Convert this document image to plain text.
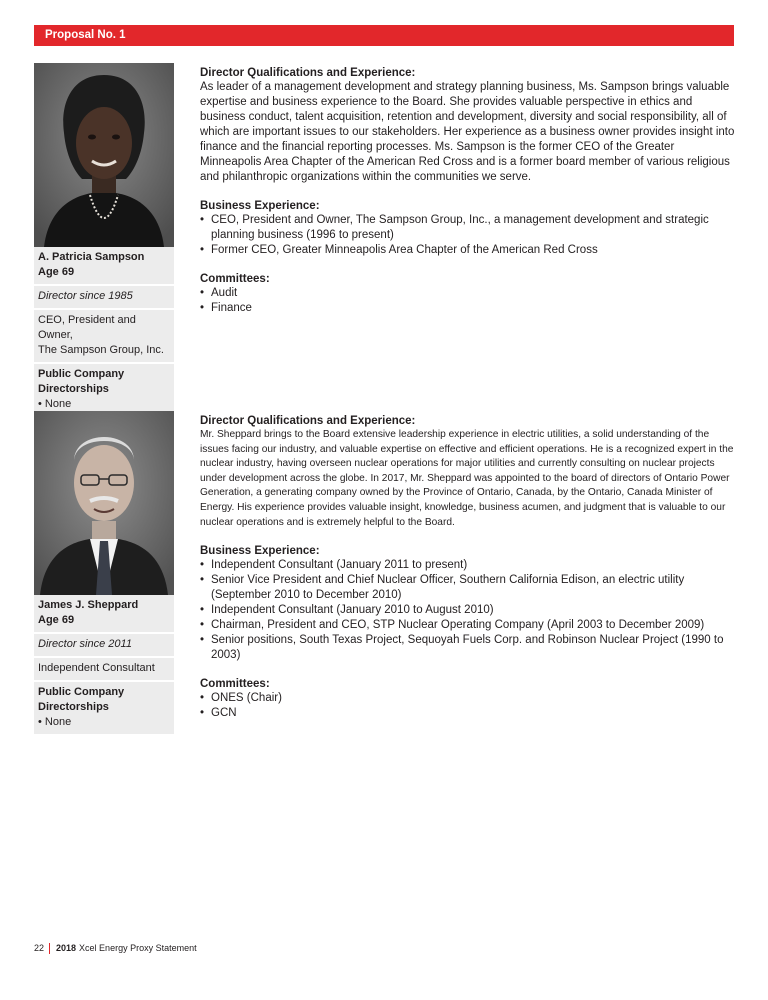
Proposal No. 1
A. Patricia Sampson
Age 69
Director since 1985
CEO, President and Owner,
The Sampson Group, Inc.
Public Company
Directorships
• None
Director Qualifications and Experience:
As leader of a management development and strategy planning business, Ms. Sampson brings valuable expertise and business experience to the Board. She provides valuable perspective in ethics and business conduct, talent acquisition, retention and development, diversity and social responsibility, all of which are important issues to our stakeholders. Her experience as a business owner provides insight into finance and the financial reporting processes. Ms. Sampson is the former CEO of the Greater Minneapolis Area Chapter of the American Red Cross and is a former board member of various religious and philanthropic organizations within the communities we serve.
Business Experience:
• CEO, President and Owner, The Sampson Group, Inc., a management development and strategic planning business (1996 to present)
• Former CEO, Greater Minneapolis Area Chapter of the American Red Cross
Committees:
• Audit
• Finance
James J. Sheppard
Age 69
Director since 2011
Independent Consultant
Public Company
Directorships
• None
Director Qualifications and Experience:
Mr. Sheppard brings to the Board extensive leadership experience in electric utilities, a solid understanding of the issues facing our industry, and valuable expertise on effective and efficient operations. He is a recognized expert in the nuclear industry, having overseen nuclear operations for major utilities and currently consulting on nuclear projects under development across the globe. In 2017, Mr. Sheppard was appointed to the board of directors of Ontario Power Generation, a generating company owned by the Province of Ontario, Canada, by the Ontario, Canada Minister of Energy. His experience provides valuable insight, knowledge, business acumen, and judgment that is valuable to our nuclear operations and is extremely helpful to the Board.
Business Experience:
• Independent Consultant (January 2011 to present)
• Senior Vice President and Chief Nuclear Officer, Southern California Edison, an electric utility (September 2010 to December 2010)
• Independent Consultant (January 2010 to August 2010)
• Chairman, President and CEO, STP Nuclear Operating Company (April 2003 to December 2009)
• Senior positions, South Texas Project, Sequoyah Fuels Corp. and Robinson Nuclear Project (1990 to 2003)
Committees:
• ONES (Chair)
• GCN
22 2018 Xcel Energy Proxy Statement
